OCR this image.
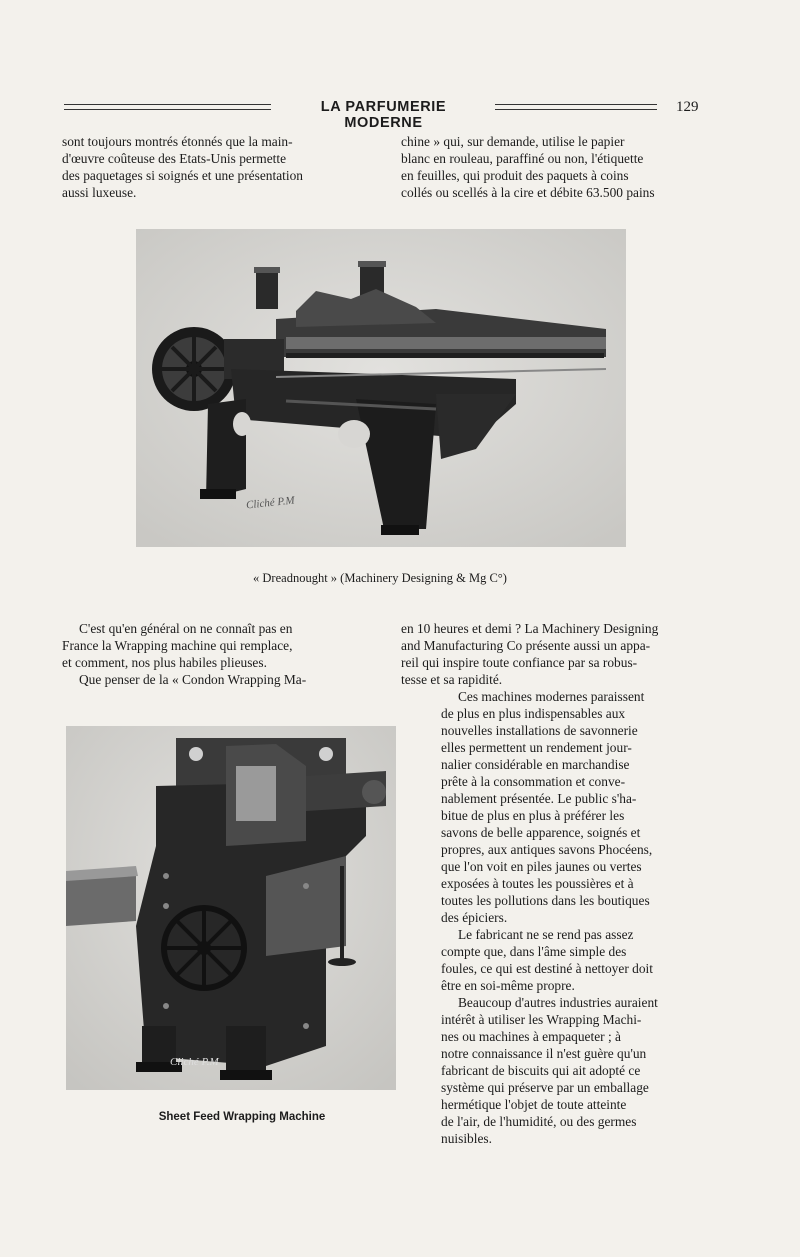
LA PARFUMERIE MODERNE
129

sont toujours montrés étonnés que la main-

d'œuvre coûteuse des Etats-Unis permette

des paquetages si soignés et une présentation

aussi luxeuse.

chine » qui, sur demande, utilise le papier

blanc en rouleau, paraffiné ou non, l'étiquette

en feuilles, qui produit des paquets à coins

collés ou scellés à la cire et débite 63.500 pains

Cliché P.M
« Dreadnought » (Machinery Designing & Mg C°)

C'est qu'en général on ne connaît pas en

France la Wrapping machine qui remplace,

et comment, nos plus habiles plieuses.

Que penser de la « Condon Wrapping Ma-

en 10 heures et demi ? La Machinery Designing

and Manufacturing Co présente aussi un appa-

reil qui inspire toute confiance par sa robus-

tesse et sa rapidité.

Ces machines modernes paraissent

de plus en plus indispensables aux

nouvelles installations de savonnerie

elles permettent un rendement jour-

nalier considérable en marchandise

prête à la consommation et conve-

nablement présentée. Le public s'ha-

bitue de plus en plus à préférer les

savons de belle apparence, soignés et

propres, aux antiques savons Phocéens,

que l'on voit en piles jaunes ou vertes

exposées à toutes les poussières et à

toutes les pollutions dans les boutiques

des épiciers.

Le fabricant ne se rend pas assez

compte que, dans l'âme simple des

foules, ce qui est destiné à nettoyer doit

être en soi-même propre.

Beaucoup d'autres industries auraient

intérêt à utiliser les Wrapping Machi-

nes ou machines à empaqueter ; à

notre connaissance il n'est guère qu'un

fabricant de biscuits qui ait adopté ce

système qui préserve par un emballage

hermétique l'objet de toute atteinte

de l'air, de l'humidité, ou des germes

nuisibles.

Cliché P.M
Sheet Feed Wrapping Machine
